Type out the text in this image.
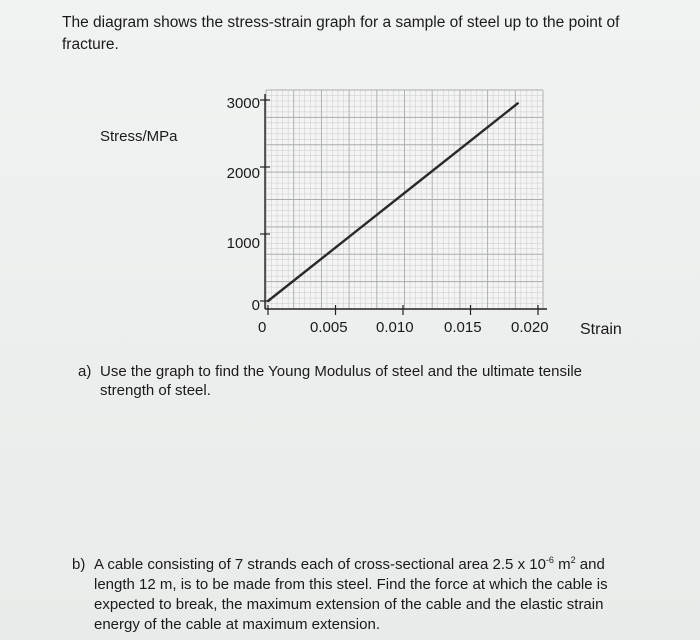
The diagram shows the stress-strain graph for a sample of steel up to the point of
fracture.
Stress/MPa
3000
2000
1000
0
0	0.005 0.010 0.015 0.020 Strain
a) Use the graph to find the Young Modulus of steel and the ultimate tensile
strength of steel.
b) A cable consisting of 7 strands each of cross-sectional area 2.5 x $10^{-6}$ $m^2$ and
length 12 m, is to be made from this steel. Find the force at which the cable is
expected to break, the maximum extension of the cable and the elastic strain
energy of the cable at maximum extension.
